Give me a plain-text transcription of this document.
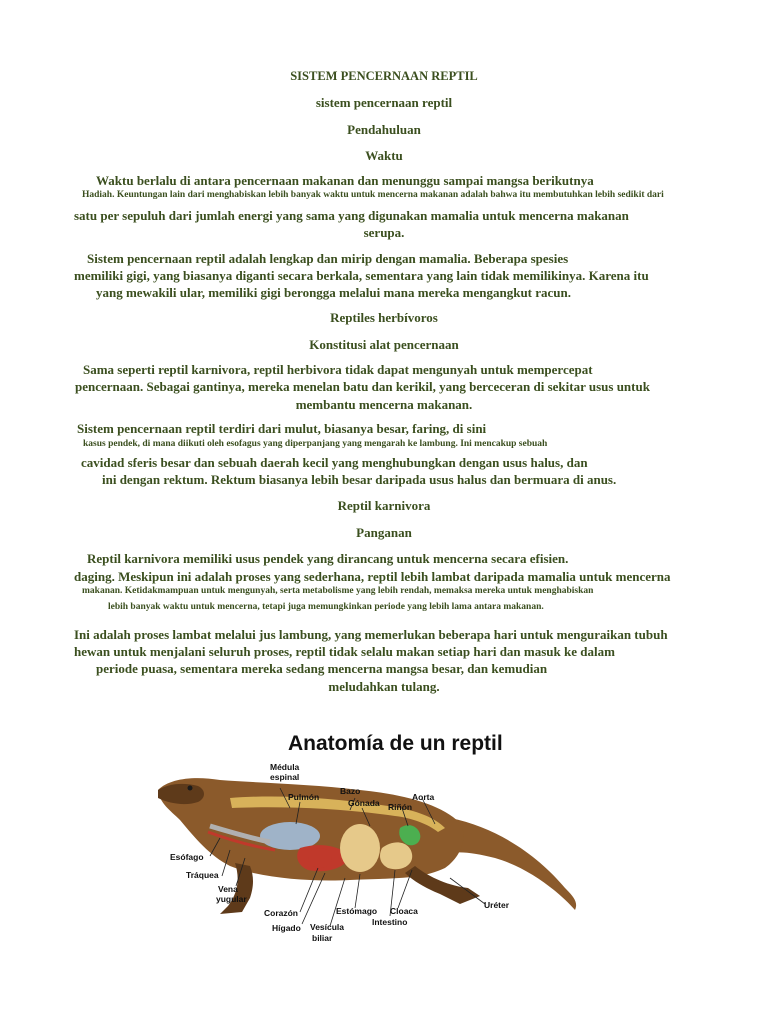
SISTEM PENCERNAAN REPTIL

sistem pencernaan reptil

Pendahuluan

Waktu

Waktu berlalu di antara pencernaan makanan dan menunggu sampai mangsa berikutnya

Hadiah. Keuntungan lain dari menghabiskan lebih banyak waktu untuk mencerna makanan adalah bahwa itu membutuhkan lebih sedikit dari

satu per sepuluh dari jumlah energi yang sama yang digunakan mamalia untuk mencerna makanan

serupa.

Sistem pencernaan reptil adalah lengkap dan mirip dengan mamalia. Beberapa spesies

memiliki gigi, yang biasanya diganti secara berkala, sementara yang lain tidak memilikinya. Karena itu

yang mewakili ular, memiliki gigi berongga melalui mana mereka mengangkut racun.

Reptiles herbívoros

Konstitusi alat pencernaan

Sama seperti reptil karnivora, reptil herbivora tidak dapat mengunyah untuk mempercepat

pencernaan. Sebagai gantinya, mereka menelan batu dan kerikil, yang berceceran di sekitar usus untuk

membantu mencerna makanan.

Sistem pencernaan reptil terdiri dari mulut, biasanya besar, faring, di sini

kasus pendek, di mana diikuti oleh esofagus yang diperpanjang yang mengarah ke lambung. Ini mencakup sebuah

cavidad sferis besar dan sebuah daerah kecil yang menghubungkan dengan usus halus, dan

ini dengan rektum. Rektum biasanya lebih besar daripada usus halus dan bermuara di anus.

Reptil karnivora

Panganan

Reptil karnivora memiliki usus pendek yang dirancang untuk mencerna secara efisien.

daging. Meskipun ini adalah proses yang sederhana, reptil lebih lambat daripada mamalia untuk mencerna

makanan. Ketidakmampuan untuk mengunyah, serta metabolisme yang lebih rendah, memaksa mereka untuk menghabiskan

lebih banyak waktu untuk mencerna, tetapi juga memungkinkan periode yang lebih lama antara makanan.

Ini adalah proses lambat melalui jus lambung, yang memerlukan beberapa hari untuk menguraikan tubuh

hewan untuk menjalani seluruh proses, reptil tidak selalu makan setiap hari dan masuk ke dalam

periode puasa, sementara mereka sedang mencerna mangsa besar, dan kemudian

meludahkan tulang.

Anatomía de un reptil

Médula
espinal
Bazo
Pulmón
Gónada
Aorta
Riñón
Esófago
Tráquea
Vena
yugular
Corazón
Hígado Vesícula
biliar
Estómago Cloaca
Intestino
Uréter
